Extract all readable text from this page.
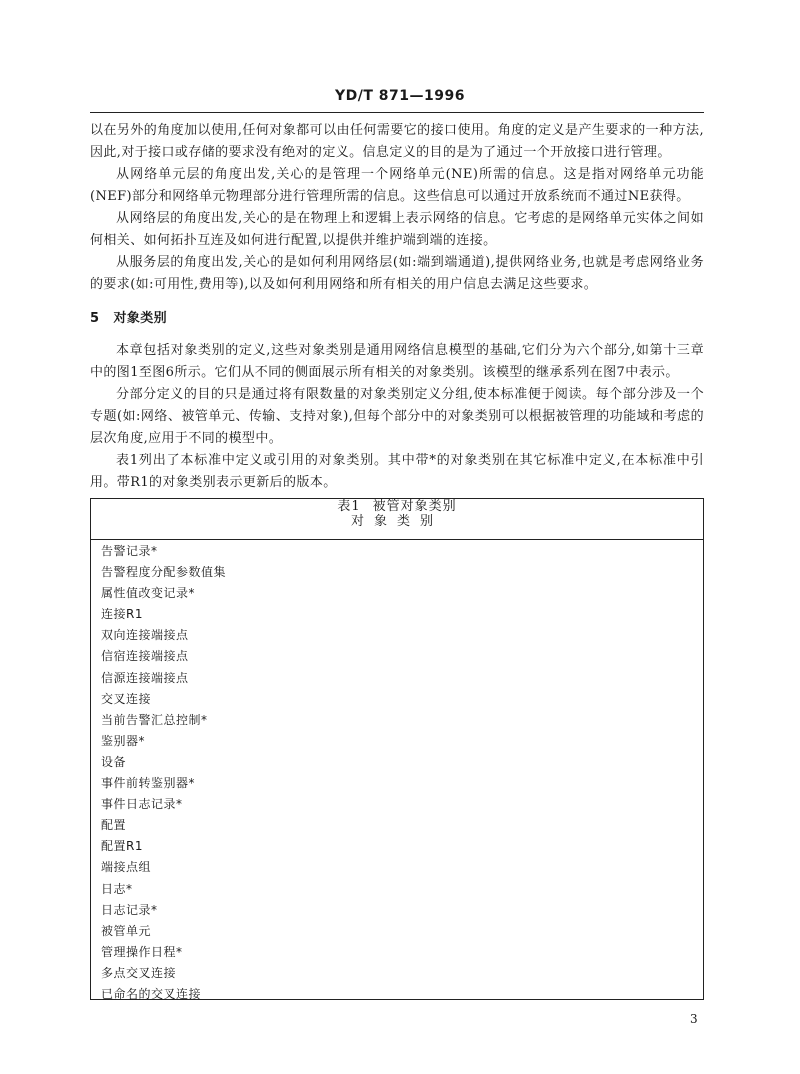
YD/T 871—1996

以在另外的角度加以使用,任何对象都可以由任何需要它的接口使用。角度的定义是产生要求的一种方法,因此,对于接口或存储的要求没有绝对的定义。信息定义的目的是为了通过一个开放接口进行管理。

从网络单元层的角度出发,关心的是管理一个网络单元(NE)所需的信息。这是指对网络单元功能(NEF)部分和网络单元物理部分进行管理所需的信息。这些信息可以通过开放系统而不通过NE获得。

从网络层的角度出发,关心的是在物理上和逻辑上表示网络的信息。它考虑的是网络单元实体之间如何相关、如何拓扑互连及如何进行配置,以提供并维护端到端的连接。

从服务层的角度出发,关心的是如何利用网络层(如:端到端通道),提供网络业务,也就是考虑网络业务的要求(如:可用性,费用等),以及如何利用网络和所有相关的用户信息去满足这些要求。

5 对象类别

本章包括对象类别的定义,这些对象类别是通用网络信息模型的基础,它们分为六个部分,如第十三章中的图1至图6所示。它们从不同的侧面展示所有相关的对象类别。该模型的继承系列在图7中表示。

分部分定义的目的只是通过将有限数量的对象类别定义分组,使本标准便于阅读。每个部分涉及一个专题(如:网络、被管单元、传输、支持对象),但每个部分中的对象类别可以根据被管理的功能域和考虑的层次角度,应用于不同的模型中。

表1列出了本标准中定义或引用的对象类别。其中带*的对象类别在其它标准中定义,在本标准中引用。带R1的对象类别表示更新后的版本。

表1 被管对象类别
对象类别
告警记录*
告警程度分配参数值集
属性值改变记录*
连接R1
双向连接端接点
信宿连接端接点
信源连接端接点
交叉连接
当前告警汇总控制*
鉴别器*
设备
事件前转鉴别器*
事件日志记录*
配置
配置R1
端接点组
日志*
日志记录*
被管单元
管理操作日程*
多点交叉连接
已命名的交叉连接
3
